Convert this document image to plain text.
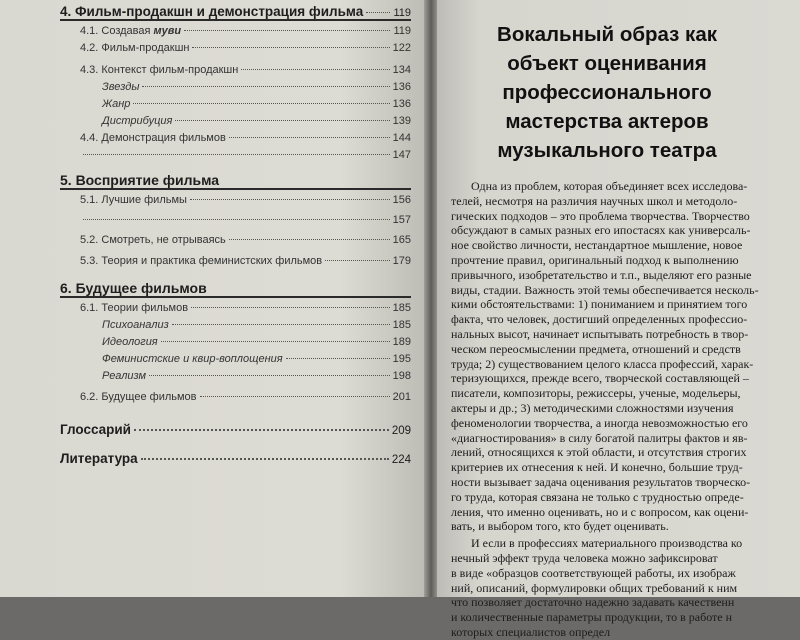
4. Фильм-продакшн и демонстрация фильма	119
4.1. Создавая муви	119
4.2. Фильм-продакшн	122
4.3. Контекст фильм-продакшн	134
Звезды	136
Жанр	136
Дистрибуция	139
4.4. Демонстрация фильмов	144
147
5. Восприятие фильма
5.1. Лучшие фильмы	156
157
5.2. Смотреть, не отрываясь	165
5.3. Теория и практика феминистских фильмов	179
6. Будущее фильмов
6.1. Теории фильмов	185
Психоанализ	185
Идеология	189
Феминистские и квир-воплощения	195
Реализм	198
6.2. Будущее фильмов	201
Глоссарий	209
Литература	224
Вокальный образ как
объект оценивания
профессионального
мастерства актеров
музыкального театра
Одна из проблем, которая объединяет всех исследова-
телей, несмотря на различия научных школ и методоло-
гических подходов – это проблема творчества. Творчество
обсуждают в самых разных его ипостасях как универсаль-
ное свойство личности, нестандартное мышление, новое
прочтение правил, оригинальный подход к выполнению
привычного, изобретательство и т.п., выделяют его разные
виды, стадии. Важность этой темы обеспечивается несколь-
кими обстоятельствами: 1) пониманием и принятием того
факта, что человек, достигший определенных профессио-
нальных высот, начинает испытывать потребность в твор-
ческом переосмыслении предмета, отношений и средств
труда; 2) существованием целого класса профессий, харак-
теризующихся, прежде всего, творческой составляющей –
писатели, композиторы, режиссеры, ученые, модельеры,
актеры и др.; 3) методическими сложностями изучения
феноменологии творчества, а иногда невозможностью его
«диагностирования» в силу богатой палитры фактов и яв-
лений, относящихся к этой области, и отсутствия строгих
критериев их отнесения к ней. И конечно, большие труд-
ности вызывает задача оценивания результатов творческо-
го труда, которая связана не только с трудностью опреде-
ления, что именно оценивать, но и с вопросом, как оцени-
вать, и выбором того, кто будет оценивать.
И если в профессиях материального производства ко
нечный эффект труда человека можно зафиксироват
в виде «образцов соответствующей работы, их изображ
ний, описаний, формулировки общих требований к ним
что позволяет достаточно надежно задавать качественн
и количественные параметры продукции, то в работе н
которых специалистов определ
